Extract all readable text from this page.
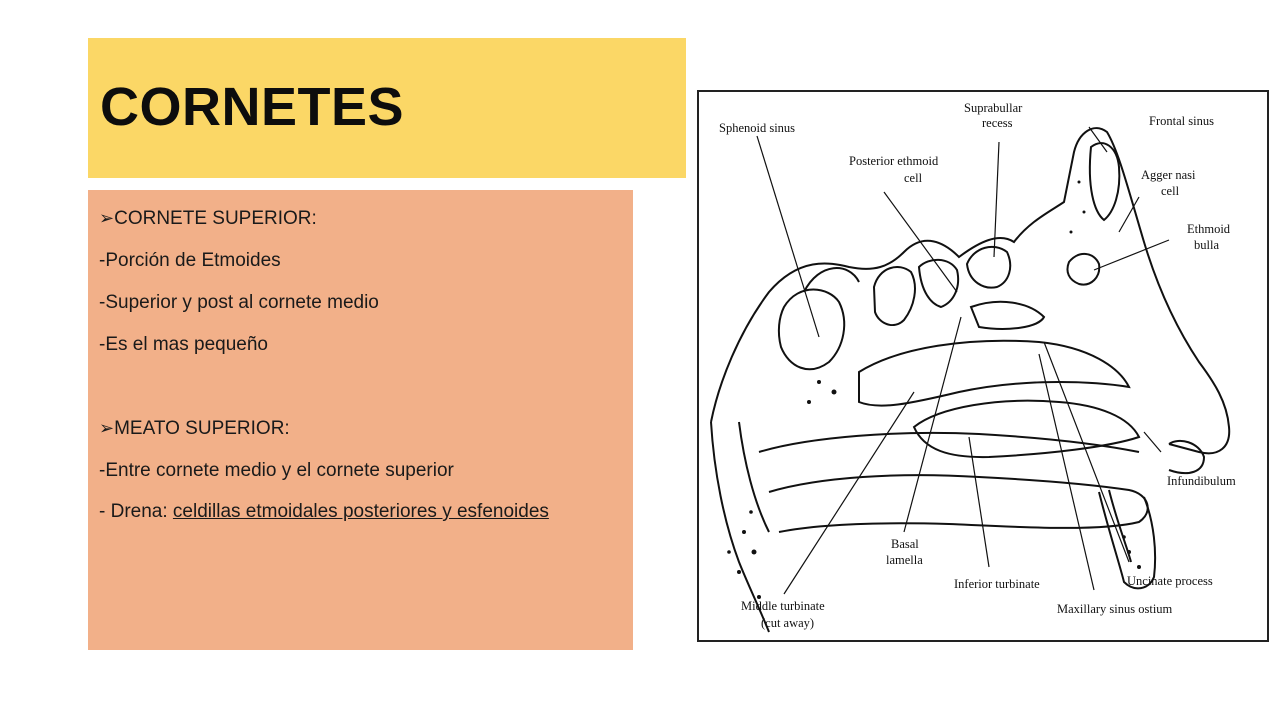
CORNETES
➢CORNETE SUPERIOR:
-Porción de Etmoides
-Superior y post al cornete medio
-Es el mas pequeño
➢MEATO SUPERIOR:
-Entre cornete medio y el cornete superior
- Drena: celdillas etmoidales posteriores y esfenoides
Sphenoid sinus
Posterior ethmoid
cell
Suprabullar
recess	Frontal sinus
Agger nasi
cell
Ethmoid
bulla
Infundibulum
Basal
lamella
Inferior turbinate	Uncinate process
Middle turbinate
(cut away)
Maxillary sinus ostium
